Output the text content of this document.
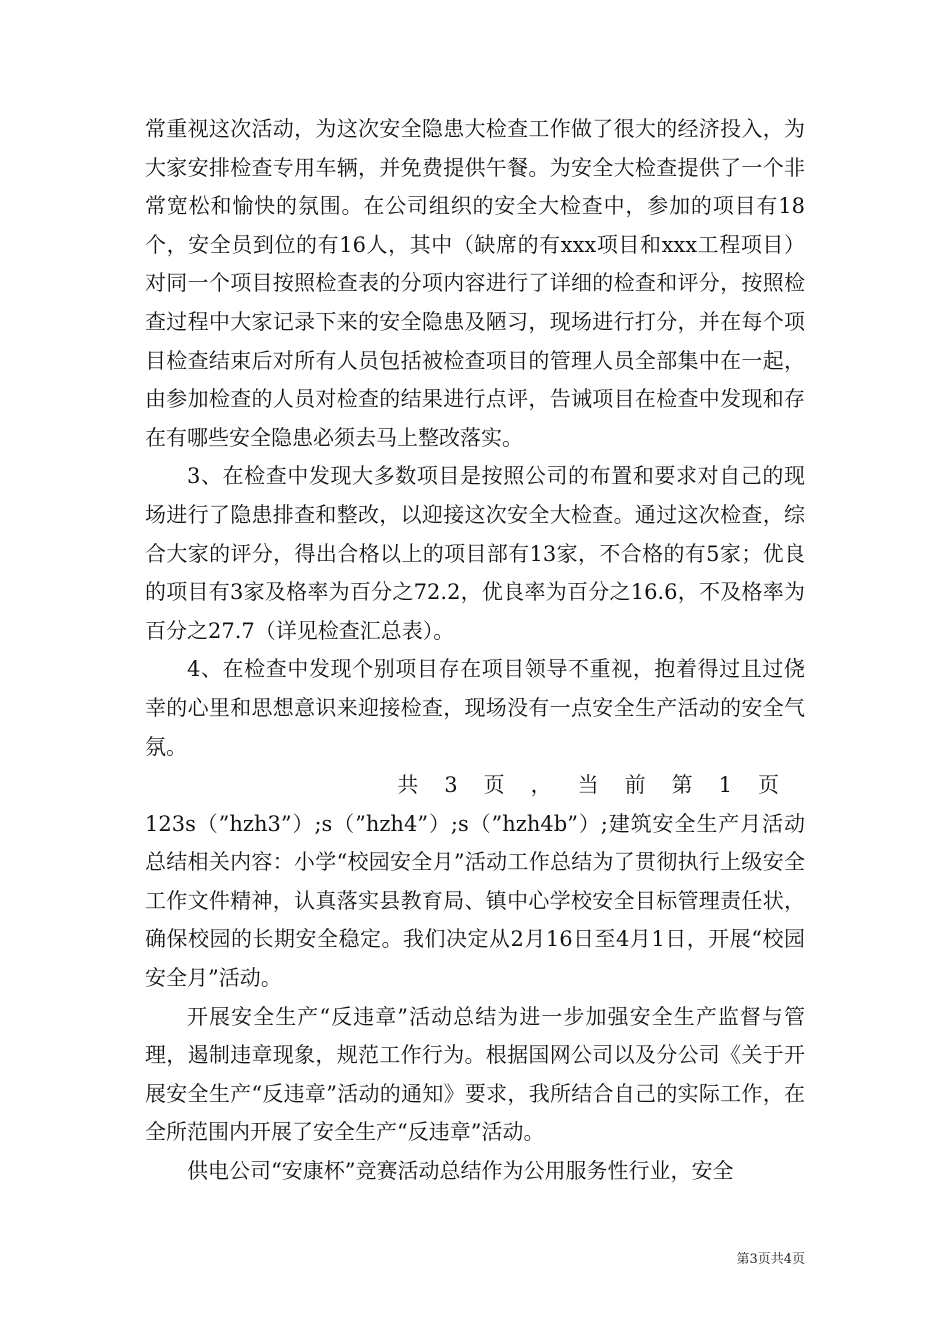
常重视这次活动，为这次安全隐患大检查工作做了很大的经济投入，为大家安排检查专用车辆，并免费提供午餐。为安全大检查提供了一个非常宽松和愉快的氛围。在公司组织的安全大检查中，参加的项目有18个，安全员到位的有16人，其中（缺席的有xxx项目和xxx工程项目）对同一个项目按照检查表的分项内容进行了详细的检查和评分，按照检查过程中大家记录下来的安全隐患及陋习，现场进行打分，并在每个项目检查结束后对所有人员包括被检查项目的管理人员全部集中在一起，由参加检查的人员对检查的结果进行点评，告诫项目在检查中发现和存在有哪些安全隐患必须去马上整改落实。

3、在检查中发现大多数项目是按照公司的布置和要求对自己的现场进行了隐患排查和整改，以迎接这次安全大检查。通过这次检查，综合大家的评分，得出合格以上的项目部有13家，不合格的有5家；优良的项目有3家及格率为百分之72.2，优良率为百分之16.6，不及格率为百分之27.7（详见检查汇总表）。

4、在检查中发现个别项目存在项目领导不重视，抱着得过且过侥幸的心里和思想意识来迎接检查，现场没有一点安全生产活动的安全气氛。

共3页，当前第1页

123s（”hzh3”）;s（”hzh4”）;s（”hzh4b”）;建筑安全生产月活动总结相关内容：小学“校园安全月”活动工作总结为了贯彻执行上级安全工作文件精神，认真落实县教育局、镇中心学校安全目标管理责任状，确保校园的长期安全稳定。我们决定从2月16日至4月1日，开展“校园安全月”活动。

开展安全生产“反违章”活动总结为进一步加强安全生产监督与管理，遏制违章现象，规范工作行为。根据国网公司以及分公司《关于开展安全生产“反违章”活动的通知》要求，我所结合自己的实际工作，在全所范围内开展了安全生产“反违章”活动。

供电公司“安康杯”竞赛活动总结作为公用服务性行业，安全

第3页共4页
